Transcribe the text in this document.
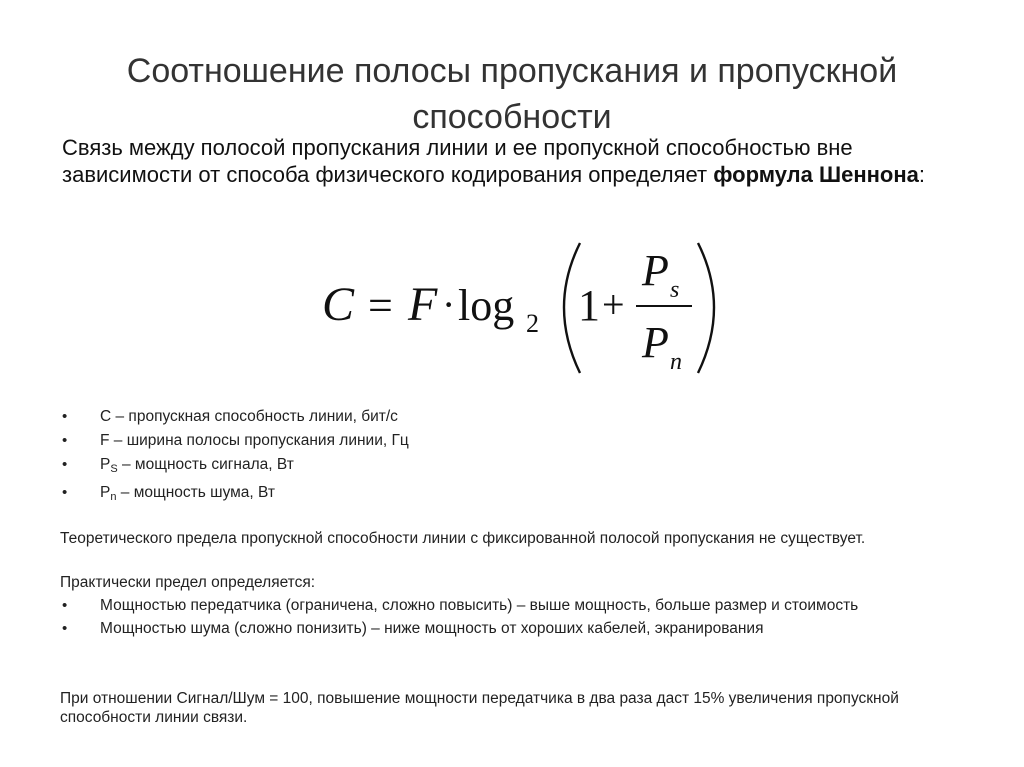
Соотношение полосы пропускания и пропускной способности
Связь между полосой пропускания линии и ее пропускной способностью вне зависимости от способа физического кодирования определяет формула Шеннона:
C = F · log 2 1 +
P s
P n
• С – пропускная способность линии, бит/с
• F – ширина полосы пропускания линии, Гц
• $P_S$ – мощность сигнала, Вт
• $P_n$ – мощность шума, Вт
Теоретического предела пропускной способности линии с фиксированной полосой пропускания не существует.
Практически предел определяется:
• Мощностью передатчика (ограничена, сложно повысить) – выше мощность, больше размер и стоимость
• Мощностью шума (сложно понизить) – ниже мощность от хороших кабелей, экранирования
При отношении Сигнал/Шум = 100, повышение мощности передатчика в два раза даст 15% увеличения пропускной способности линии связи.
